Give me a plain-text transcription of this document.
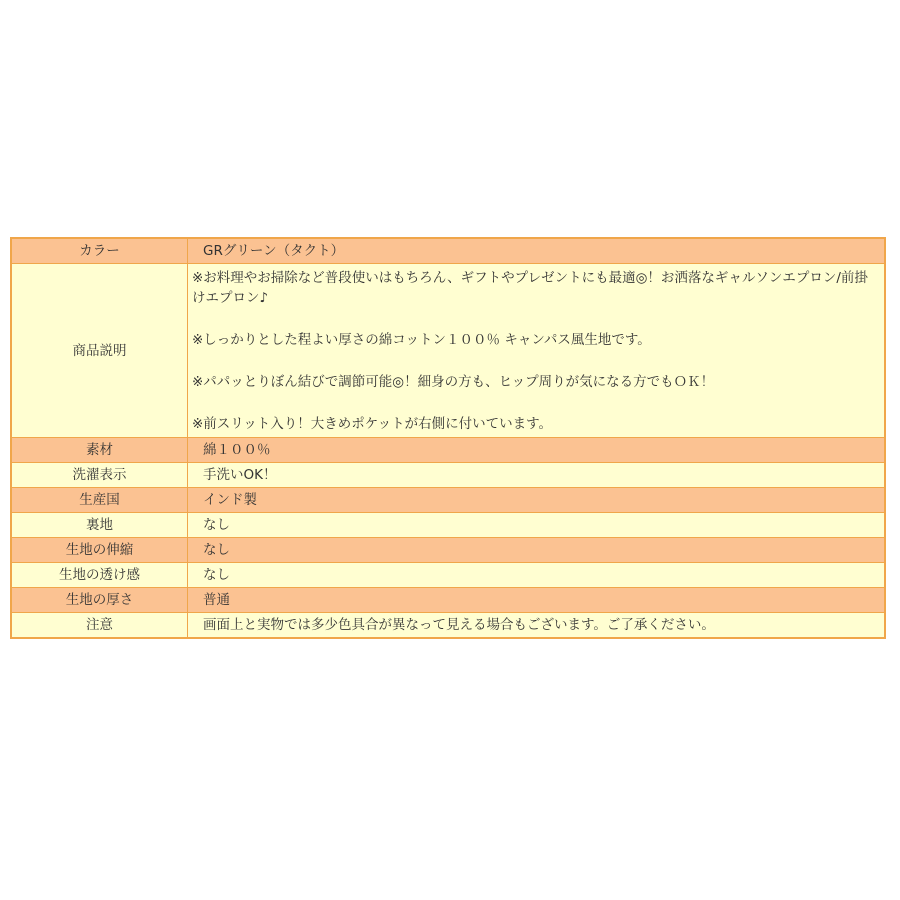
カラー	GRグリーン（タクト）
商品説明	※お料理やお掃除など普段使いはもちろん、ギフトやプレゼントにも最適◎！お洒落なギャルソンエプロン/前掛けエプロン♪

※しっかりとした程よい厚さの綿コットン１００％ キャンパス風生地です。

※パパッとりぼん結びで調節可能◎！細身の方も、ヒップ周りが気になる方でもＯＫ！

※前スリット入り！大きめポケットが右側に付いています。

素材	綿１００％
洗濯表示	手洗いOK！
生産国	インド製
裏地	なし
生地の伸縮	なし
生地の透け感	なし
生地の厚さ	普通
注意	画面上と実物では多少色具合が異なって見える場合もございます。ご了承ください。
